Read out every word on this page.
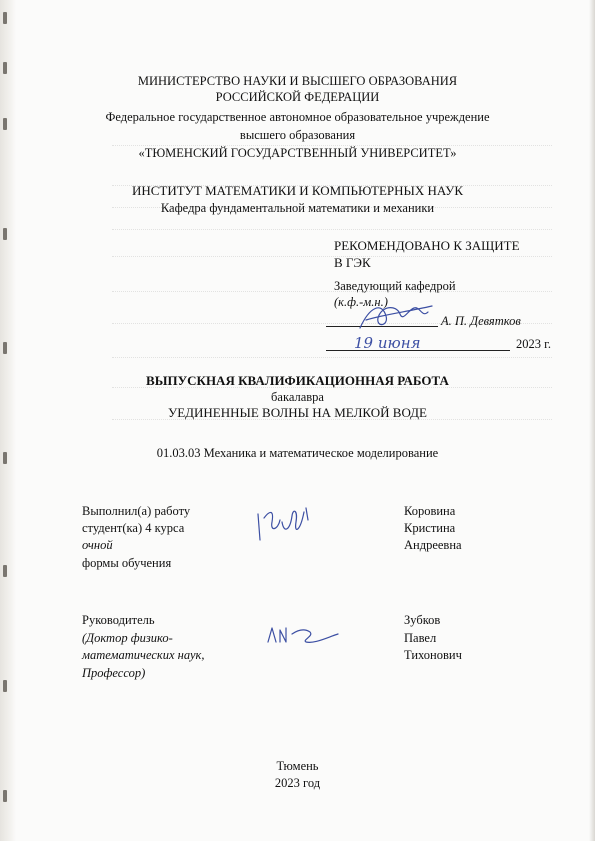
МИНИСТЕРСТВО НАУКИ И ВЫСШЕГО ОБРАЗОВАНИЯ
РОССИЙСКОЙ ФЕДЕРАЦИИ
Федеральное государственное автономное образовательное учреждение
высшего образования
«ТЮМЕНСКИЙ ГОСУДАРСТВЕННЫЙ УНИВЕРСИТЕТ»
ИНСТИТУТ МАТЕМАТИКИ И КОМПЬЮТЕРНЫХ НАУК
Кафедра фундаментальной математики и механики
РЕКОМЕНДОВАНО К ЗАЩИТЕ
В ГЭК
Заведующий кафедрой
(к.ф.-м.н.)
А. П. Девятков
19 июня	2023 г.
ВЫПУСКНАЯ КВАЛИФИКАЦИОННАЯ РАБОТА
бакалавра
УЕДИНЕННЫЕ ВОЛНЫ НА МЕЛКОЙ ВОДЕ
01.03.03 Механика и математическое моделирование
Выполнил(а) работу
студент(ка) 4 курса
очной
формы обучения
Коровина
Кристина
Андреевна
Руководитель
(Доктор физико-
математических наук,
Профессор)
Зубков
Павел
Тихонович
Тюмень
2023 год
